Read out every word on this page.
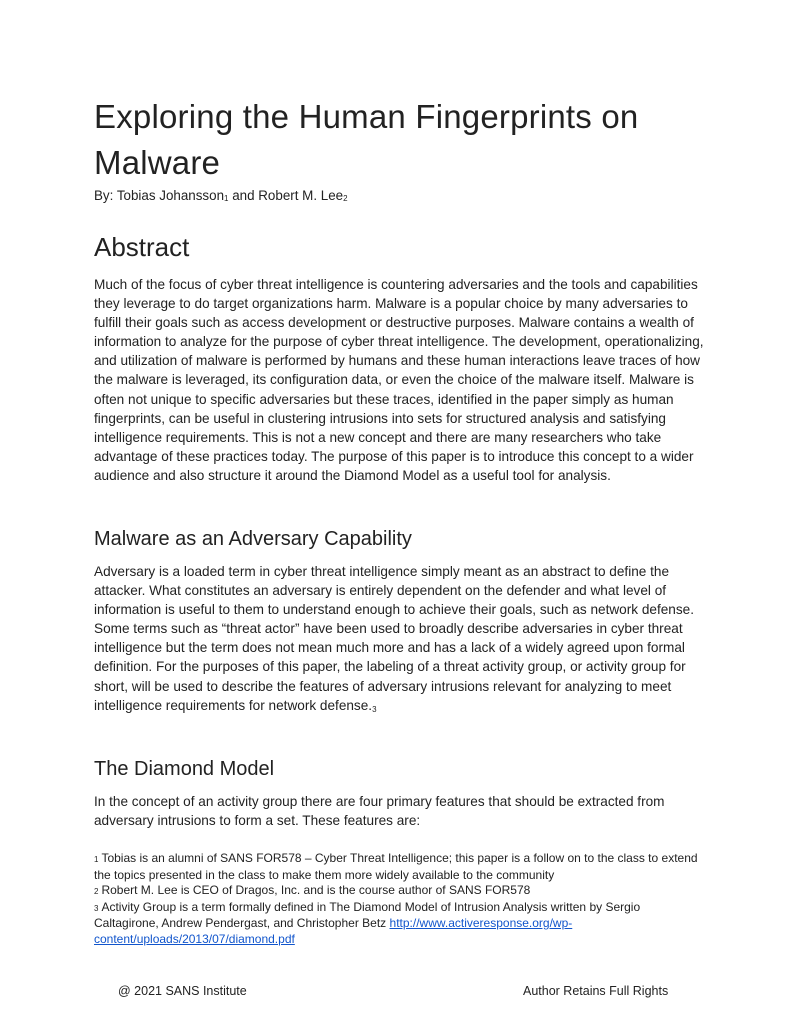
Exploring the Human Fingerprints on Malware
By: Tobias Johansson$_1$ and Robert M. Lee$_2$
Abstract
Much of the focus of cyber threat intelligence is countering adversaries and the tools and capabilities they leverage to do target organizations harm. Malware is a popular choice by many adversaries to fulfill their goals such as access development or destructive purposes. Malware contains a wealth of information to analyze for the purpose of cyber threat intelligence. The development, operationalizing, and utilization of malware is performed by humans and these human interactions leave traces of how the malware is leveraged, its configuration data, or even the choice of the malware itself. Malware is often not unique to specific adversaries but these traces, identified in the paper simply as human fingerprints, can be useful in clustering intrusions into sets for structured analysis and satisfying intelligence requirements. This is not a new concept and there are many researchers who take advantage of these practices today. The purpose of this paper is to introduce this concept to a wider audience and also structure it around the Diamond Model as a useful tool for analysis.
Malware as an Adversary Capability
Adversary is a loaded term in cyber threat intelligence simply meant as an abstract to define the attacker. What constitutes an adversary is entirely dependent on the defender and what level of information is useful to them to understand enough to achieve their goals, such as network defense. Some terms such as “threat actor” have been used to broadly describe adversaries in cyber threat intelligence but the term does not mean much more and has a lack of a widely agreed upon formal definition. For the purposes of this paper, the labeling of a threat activity group, or activity group for short, will be used to describe the features of adversary intrusions relevant for analyzing to meet intelligence requirements for network defense.3
The Diamond Model
In the concept of an activity group there are four primary features that should be extracted from adversary intrusions to form a set. These features are:

1 Tobias is an alumni of SANS FOR578 – Cyber Threat Intelligence; this paper is a follow on to the class to extend the topics presented in the class to make them more widely available to the community

2 Robert M. Lee is CEO of Dragos, Inc. and is the course author of SANS FOR578

3 Activity Group is a term formally defined in The Diamond Model of Intrusion Analysis written by Sergio Caltagirone, Andrew Pendergast, and Christopher Betz http://www.activeresponse.org/wp-content/uploads/2013/07/diamond.pdf

@ 2021 SANS Institute	Author Retains Full Rights
